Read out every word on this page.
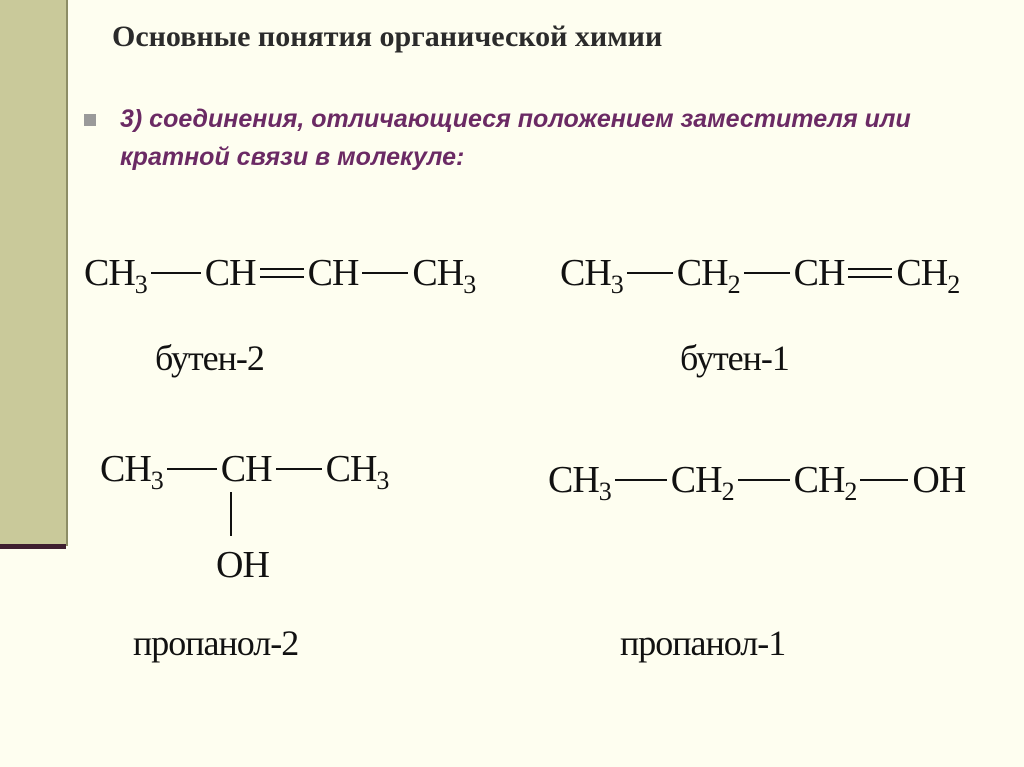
Основные понятия органической химии
3) соединения, отличающиеся положением заместителя или кратной связи в молекуле:
$CH_3$ CH CH $CH_3$
бутен-2
$CH_3$ $CH_2$ CH $CH_2$
бутен-1
$CH_3$ CH $CH_3$
OH
пропанол-2
$CH_3$ $CH_2$ $CH_2$ OH
пропанол-1
